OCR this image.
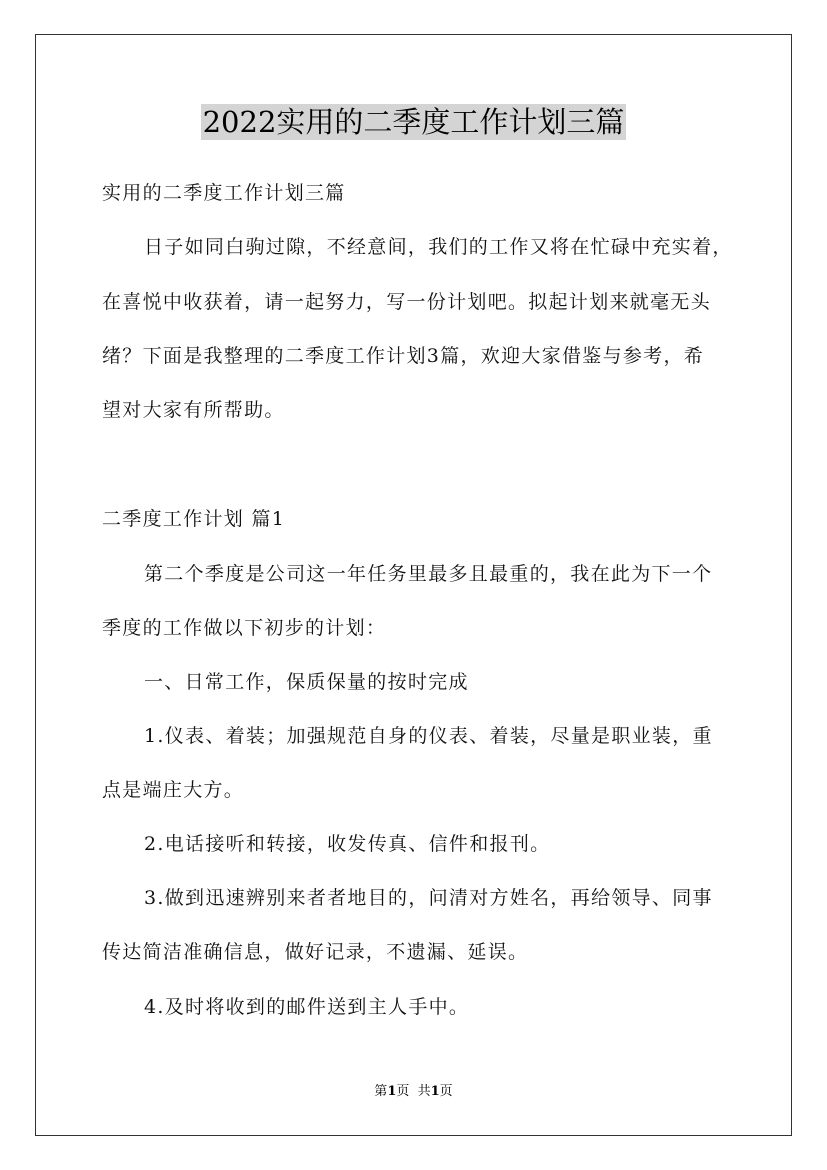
2022实用的二季度工作计划三篇
实用的二季度工作计划三篇
日子如同白驹过隙，不经意间，我们的工作又将在忙碌中充实着，
在喜悦中收获着，请一起努力，写一份计划吧。拟起计划来就毫无头
绪？下面是我整理的二季度工作计划3篇，欢迎大家借鉴与参考，希
望对大家有所帮助。
二季度工作计划 篇1
第二个季度是公司这一年任务里最多且最重的，我在此为下一个
季度的工作做以下初步的计划：
一、日常工作，保质保量的按时完成
1.仪表、着装；加强规范自身的仪表、着装，尽量是职业装，重
点是端庄大方。
2.电话接听和转接，收发传真、信件和报刊。
3.做到迅速辨别来者者地目的，问清对方姓名，再给领导、同事
传达简洁准确信息，做好记录，不遗漏、延误。
4.及时将收到的邮件送到主人手中。
第1页  共1页
